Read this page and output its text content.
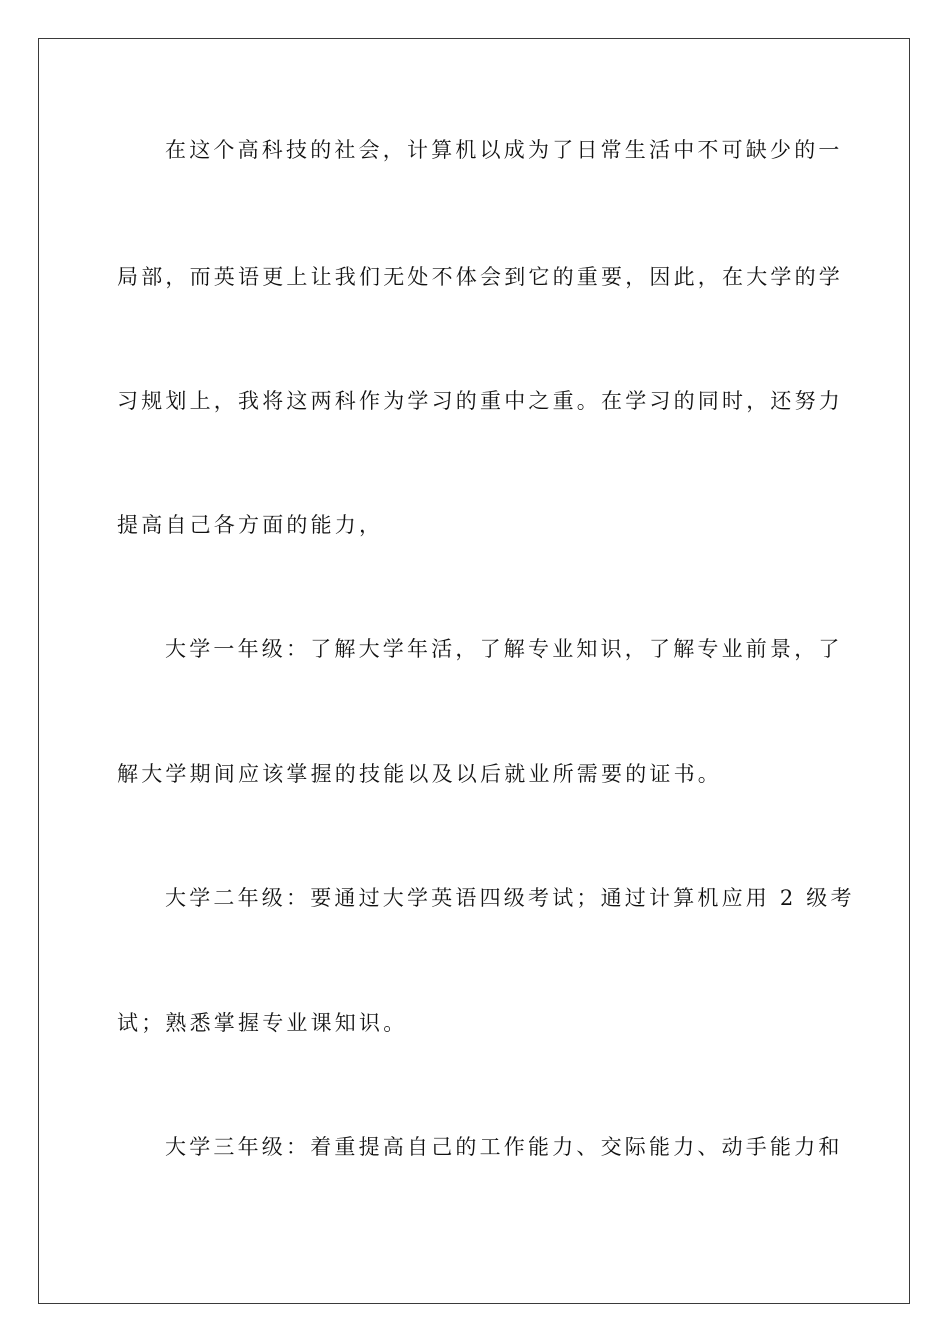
在这个高科技的社会，计算机以成为了日常生活中不可缺少的一

局部，而英语更上让我们无处不体会到它的重要，因此，在大学的学

习规划上，我将这两科作为学习的重中之重。在学习的同时，还努力

提高自己各方面的能力，

大学一年级：了解大学年活，了解专业知识，了解专业前景，了

解大学期间应该掌握的技能以及以后就业所需要的证书。

大学二年级：要通过大学英语四级考试；通过计算机应用 2 级考

试；熟悉掌握专业课知识。

大学三年级：着重提高自己的工作能力、交际能力、动手能力和
